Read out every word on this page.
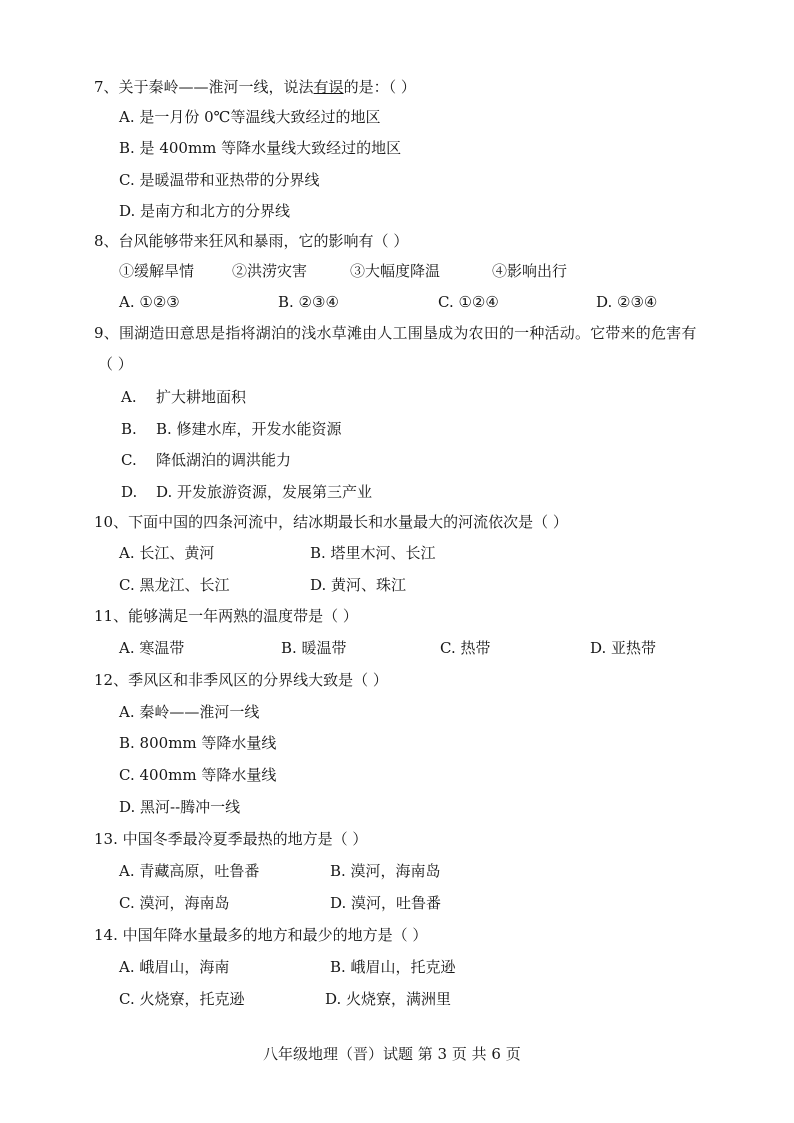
7、关于秦岭——淮河一线，说法有误的是：（ ）
A. 是一月份 0℃等温线大致经过的地区
B. 是 400mm 等降水量线大致经过的地区
C. 是暖温带和亚热带的分界线
D. 是南方和北方的分界线
8、台风能够带来狂风和暴雨，它的影响有（ ）
①缓解旱情	②洪涝灾害	③大幅度降温	④影响出行
A. ①②③	B. ②③④	C. ①②④	D. ②③④
9、围湖造田意思是指将湖泊的浅水草滩由人工围垦成为农田的一种活动。它带来的危害有
（ ）
A. 扩大耕地面积
B. B. 修建水库，开发水能资源
C. 降低湖泊的调洪能力
D. D. 开发旅游资源，发展第三产业
10、下面中国的四条河流中，结冰期最长和水量最大的河流依次是（ ）
A. 长江、黄河	B. 塔里木河、长江
C. 黑龙江、长江	D. 黄河、珠江
11、能够满足一年两熟的温度带是（ ）
A. 寒温带	B. 暖温带	C. 热带	D. 亚热带
12、季风区和非季风区的分界线大致是（ ）
A. 秦岭——淮河一线
B. 800mm 等降水量线
C. 400mm 等降水量线
D. 黑河--腾冲一线
13. 中国冬季最冷夏季最热的地方是（ ）
A. 青藏高原，吐鲁番	B. 漠河，海南岛
C. 漠河，海南岛	D. 漠河，吐鲁番
14. 中国年降水量最多的地方和最少的地方是（ ）
A. 峨眉山，海南	B. 峨眉山，托克逊
C. 火烧寮，托克逊	D. 火烧寮，满洲里
八年级地理（晋）试题 第 3 页 共 6 页
